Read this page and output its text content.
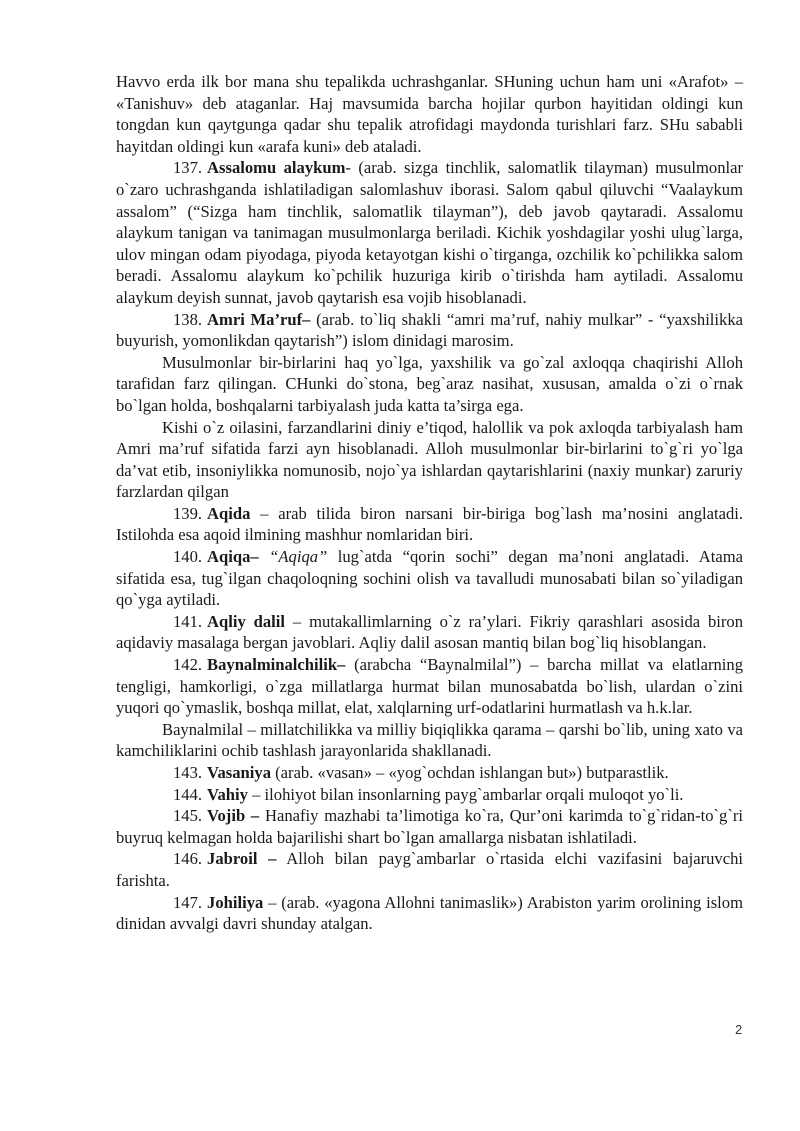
Havvo erda ilk bor mana shu tepalikda uchrashganlar. SHuning uchun ham uni «Arafot» – «Tanishuv» deb ataganlar. Haj mavsumida barcha hojilar qurbon hayitidan oldingi kun tongdan kun qaytgunga qadar shu tepalik atrofidagi maydonda turishlari farz. SHu sababli hayitdan oldingi kun «arafa kuni» deb ataladi.

137. Assalomu alaykum- (arab. sizga tinchlik, salomatlik tilayman) musulmonlar o`zaro uchrashganda ishlatiladigan salomlashuv iborasi. Salom qabul qiluvchi “Vaalaykum assalom” (“Sizga ham tinchlik, salomatlik tilayman”), deb javob qaytaradi. Assalomu alaykum tanigan va tanimagan musulmonlarga beriladi. Kichik yoshdagilar yoshi ulug`larga, ulov mingan odam piyodaga, piyoda ketayotgan kishi o`tirganga, ozchilik ko`pchilikka salom beradi. Assalomu alaykum ko`pchilik huzuriga kirib o`tirishda ham aytiladi. Assalomu alaykum deyish sunnat, javob qaytarish esa vojib hisoblanadi.

138. Amri Ma’ruf– (arab. to`liq shakli “amri ma’ruf, nahiy mulkar” - “yaxshilikka buyurish, yomonlikdan qaytarish”) islom dinidagi marosim.

Musulmonlar bir-birlarini haq yo`lga, yaxshilik va go`zal axloqqa chaqirishi Alloh tarafidan farz qilingan. CHunki do`stona, beg`araz nasihat, xususan, amalda o`zi o`rnak bo`lgan holda, boshqalarni tarbiyalash juda katta ta’sirga ega.

Kishi o`z oilasini, farzandlarini diniy e’tiqod, halollik va pok axloqda tarbiyalash ham Amri ma’ruf sifatida farzi ayn hisoblanadi. Alloh musulmonlar bir-birlarini to`g`ri yo`lga da’vat etib, insoniylikka nomunosib, nojo`ya ishlardan qaytarishlarini (naxiy munkar) zaruriy farzlardan qilgan

139. Aqida – arab tilida biron narsani bir-biriga bog`lash ma’nosini anglatadi. Istilohda esa aqoid ilmining mashhur nomlaridan biri.

140. Aqiqa– “Aqiqa” lug`atda “qorin sochi” degan ma’noni anglatadi. Atama sifatida esa, tug`ilgan chaqoloqning sochini olish va tavalludi munosabati bilan so`yiladigan qo`yga aytiladi.

141. Aqliy dalil – mutakallimlarning o`z ra’ylari. Fikriy qarashlari asosida biron aqidaviy masalaga bergan javoblari. Aqliy dalil asosan mantiq bilan bog`liq hisoblangan.

142. Baynalminalchilik– (arabcha “Baynalmilal”) – barcha millat va elatlarning tengligi, hamkorligi, o`zga millatlarga hurmat bilan munosabatda bo`lish, ulardan o`zini yuqori qo`ymaslik, boshqa millat, elat, xalqlarning urf-odatlarini hurmatlash va h.k.lar.

Baynalmilal – millatchilikka va milliy biqiqlikka qarama – qarshi bo`lib, uning xato va kamchiliklarini ochib tashlash jarayonlarida shakllanadi.

143. Vasaniya (arab. «vasan» – «yog`ochdan ishlangan but») butparastlik.

144. Vahiy – ilohiyot bilan insonlarning payg`ambarlar orqali muloqot yo`li.

145. Vojib – Hanafiy mazhabi ta’limotiga ko`ra, Qur’oni karimda to`g`ridan-to`g`ri buyruq kelmagan holda bajarilishi shart bo`lgan amallarga nisbatan ishlatiladi.

146. Jabroil – Alloh bilan payg`ambarlar o`rtasida elchi vazifasini bajaruvchi farishta.

147. Johiliya – (arab. «yagona Allohni tanimaslik») Arabiston yarim orolining islom dinidan avvalgi davri shunday atalgan.

2
